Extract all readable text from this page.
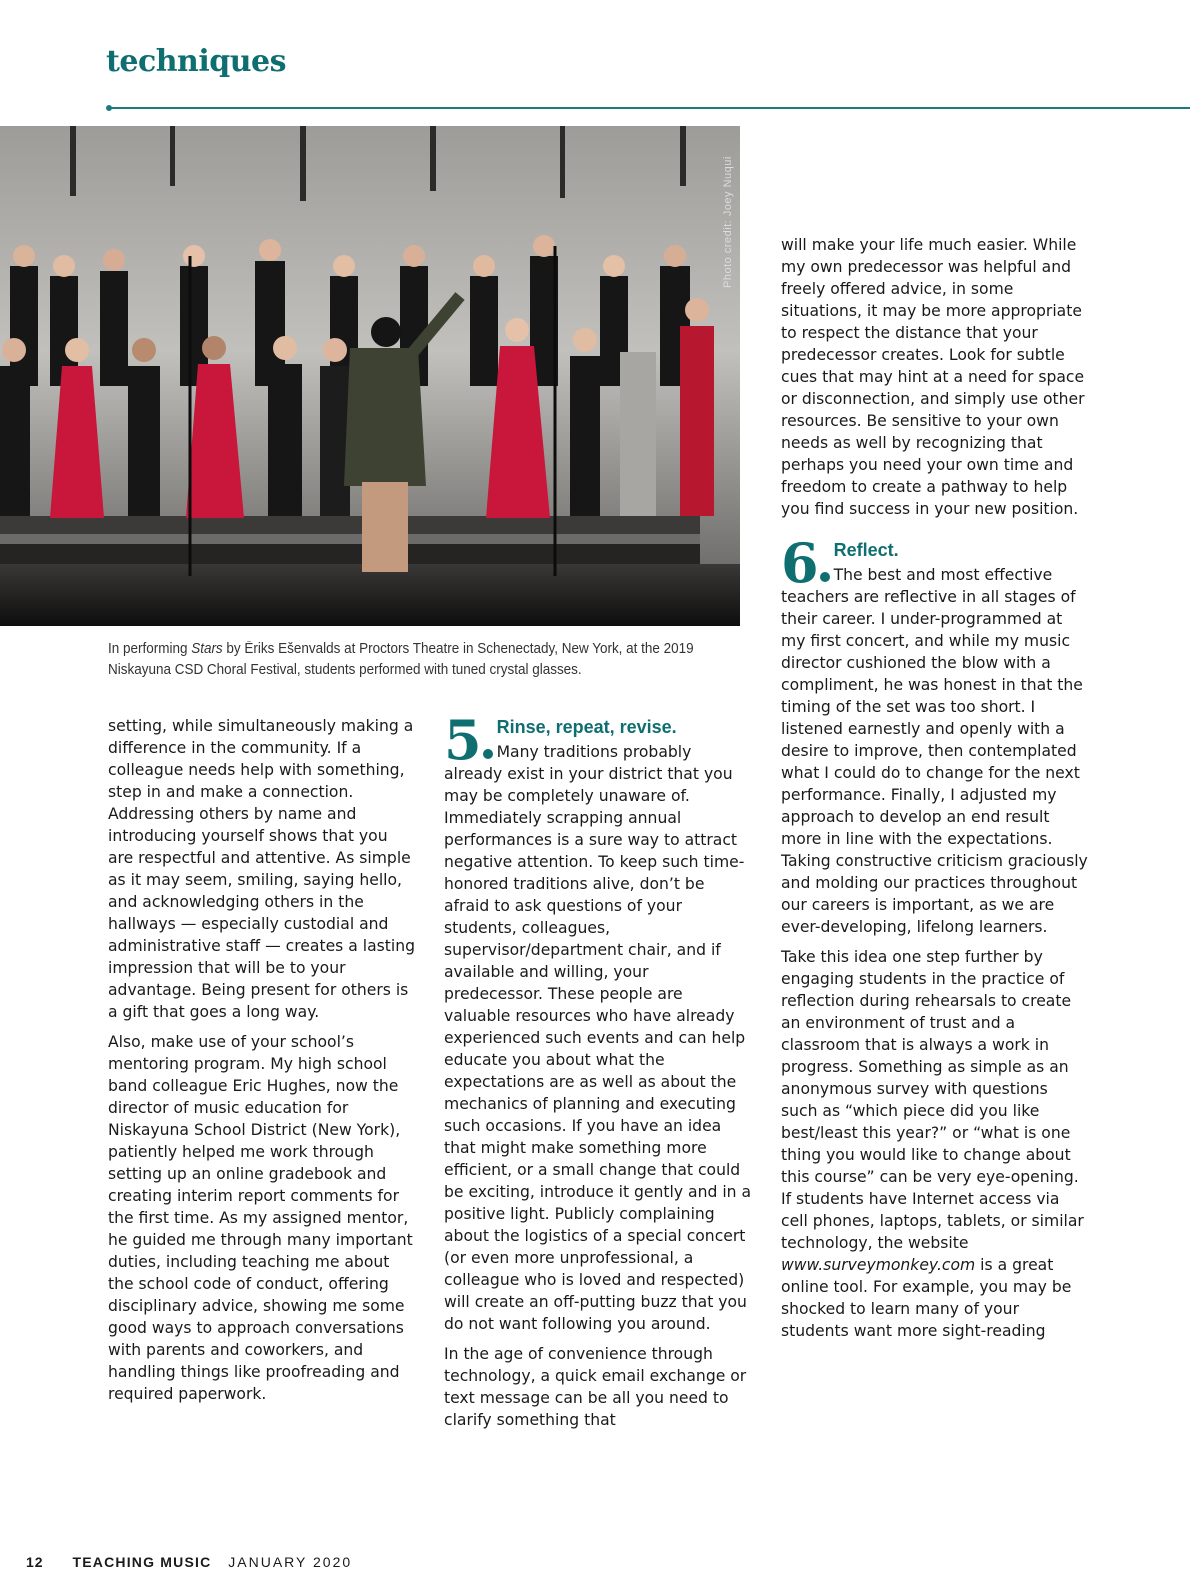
techniques
Photo credit: Joey Nuqui
In performing Stars by Ēriks Ešenvalds at Proctors Theatre in Schenectady, New York, at the 2019 Niskayuna CSD Choral Festival, students performed with tuned crystal glasses.

setting, while simultaneously making a difference in the community. If a colleague needs help with something, step in and make a connection. Addressing others by name and introducing yourself shows that you are respectful and attentive. As simple as it may seem, smiling, saying hello, and acknowledging others in the hallways — especially custodial and administrative staff — creates a lasting impression that will be to your advantage. Being present for others is a gift that goes a long way.

Also, make use of your school’s mentoring program. My high school band colleague Eric Hughes, now the director of music education for Niskayuna School District (New York), patiently helped me work through setting up an online gradebook and creating interim report comments for the first time. As my assigned mentor, he guided me through many important duties, including teaching me about the school code of conduct, offering disciplinary advice, showing me some good ways to approach conversations with parents and coworkers, and handling things like proofreading and required paperwork.

5 Rinse, repeat, revise.

Many traditions probably already exist in your district that you may be completely unaware of. Immediately scrapping annual performances is a sure way to attract negative attention. To keep such time-honored traditions alive, don’t be afraid to ask questions of your students, colleagues, supervisor/department chair, and if available and willing, your predecessor. These people are valuable resources who have already experienced such events and can help educate you about what the expectations are as well as about the mechanics of planning and executing such occasions. If you have an idea that might make something more efficient, or a small change that could be exciting, introduce it gently and in a positive light. Publicly complaining about the logistics of a special concert (or even more unprofessional, a colleague who is loved and respected) will create an off-putting buzz that you do not want following you around.

In the age of convenience through technology, a quick email exchange or text message can be all you need to clarify something that

will make your life much easier. While my own predecessor was helpful and freely offered advice, in some situations, it may be more appropriate to respect the distance that your predecessor creates. Look for subtle cues that may hint at a need for space or disconnection, and simply use other resources. Be sensitive to your own needs as well by recognizing that perhaps you need your own time and freedom to create a pathway to help you find success in your new position.

6 Reflect.

The best and most effective teachers are reflective in all stages of their career. I under-programmed at my first concert, and while my music director cushioned the blow with a compliment, he was honest in that the timing of the set was too short. I listened earnestly and openly with a desire to improve, then contemplated what I could do to change for the next performance. Finally, I adjusted my approach to develop an end result more in line with the expectations. Taking constructive criticism graciously and molding our practices throughout our careers is important, as we are ever-developing, lifelong learners.

Take this idea one step further by engaging students in the practice of reflection during rehearsals to create an environment of trust and a classroom that is always a work in progress. Something as simple as an anonymous survey with questions such as “which piece did you like best/least this year?” or “what is one thing you would like to change about this course” can be very eye-opening. If students have Internet access via cell phones, laptops, tablets, or similar technology, the website www.surveymonkey.com is a great online tool. For example, you may be shocked to learn many of your students want more sight-reading

12 TEACHING MUSIC JANUARY 2020
